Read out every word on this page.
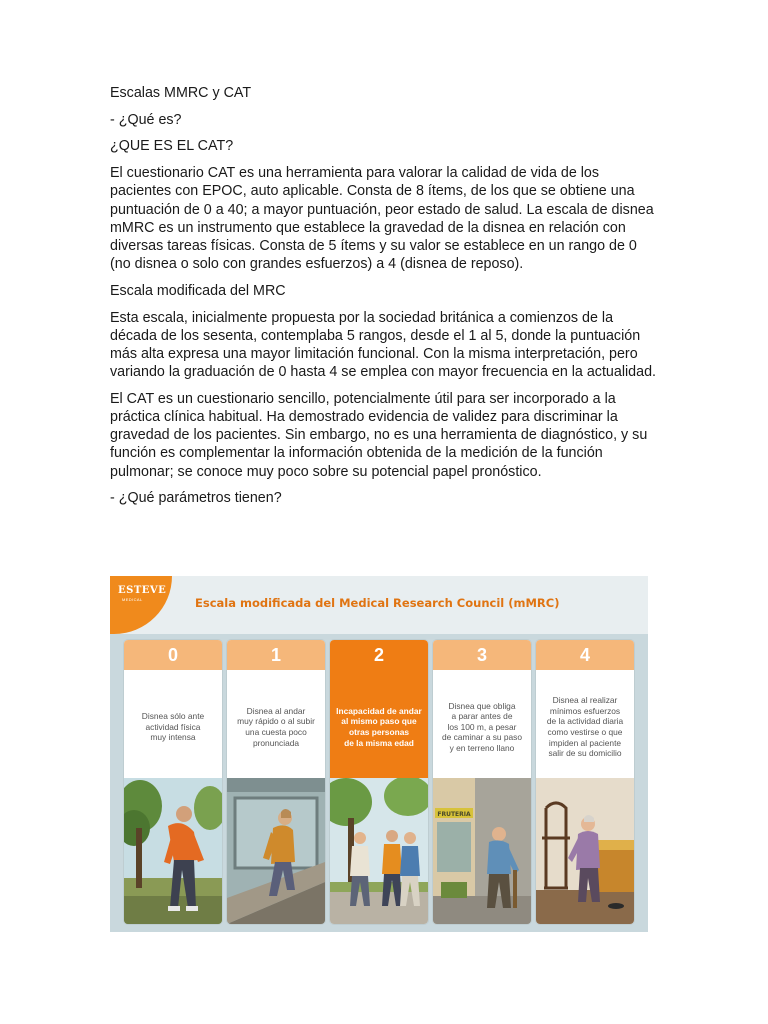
Escalas MMRC y CAT

- ¿Qué es?

¿QUE ES EL CAT?

El cuestionario CAT es una herramienta para valorar la calidad de vida de los pacientes con EPOC, auto aplicable. Consta de 8 ítems, de los que se obtiene una puntuación de 0 a 40; a mayor puntuación, peor estado de salud. La escala de disnea mMRC es un instrumento que establece la gravedad de la disnea en relación con diversas tareas físicas. Consta de 5 ítems y su valor se establece en un rango de 0 (no disnea o solo con grandes esfuerzos) a 4 (disnea de reposo).

Escala modificada del MRC

Esta escala, inicialmente propuesta por la sociedad británica a comienzos de la década de los sesenta, contemplaba 5 rangos, desde el 1 al 5, donde la puntuación más alta expresa una mayor limitación funcional. Con la misma interpretación, pero variando la graduación de 0 hasta 4 se emplea con mayor frecuencia en la actualidad.

El CAT es un cuestionario sencillo, potencialmente útil para ser incorporado a la práctica clínica habitual. Ha demostrado evidencia de validez para discriminar la gravedad de los pacientes. Sin embargo, no es una herramienta de diagnóstico, y su función es complementar la información obtenida de la medición de la función pulmonar; se conoce muy poco sobre su potencial papel pronóstico.

- ¿Qué parámetros tienen?

ESTEVE
MEDICAL	Escala modificada del Medical Research Council (mMRC)
0
Disnea sólo ante
actividad física
muy intensa
1
Disnea al andar
muy rápido o al subir
una cuesta poco
pronunciada
2
Incapacidad de andar
al mismo paso que
otras personas
de la misma edad
3
Disnea que obliga
a parar antes de
los 100 m, a pesar
de caminar a su paso
y en terreno llano
FRUTERIA
4
Disnea al realizar
mínimos esfuerzos
de la actividad diaria
como vestirse o que
impiden al paciente
salir de su domicilio
